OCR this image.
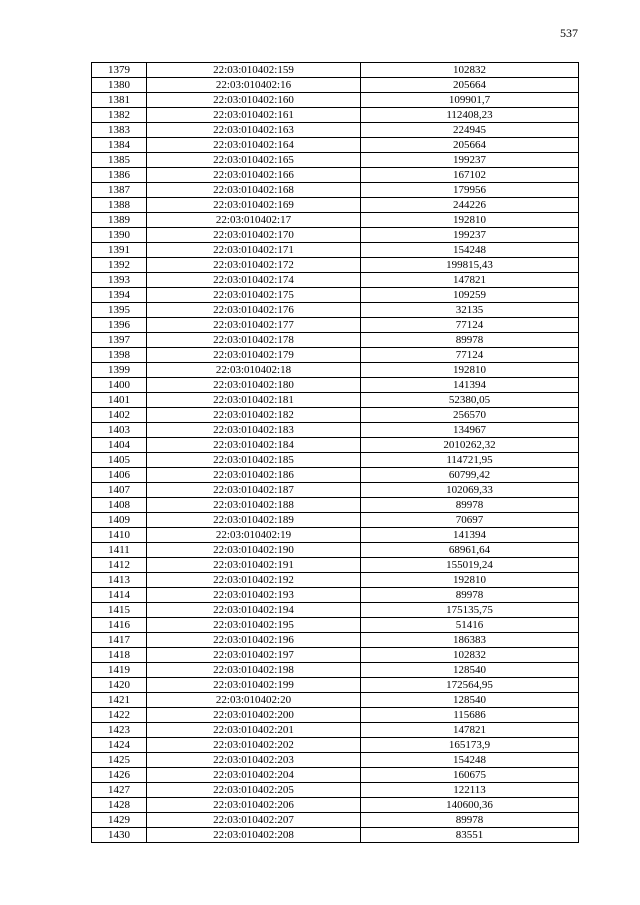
537
1379	22:03:010402:159	102832
1380	22:03:010402:16	205664
1381	22:03:010402:160	109901,7
1382	22:03:010402:161	112408,23
1383	22:03:010402:163	224945
1384	22:03:010402:164	205664
1385	22:03:010402:165	199237
1386	22:03:010402:166	167102
1387	22:03:010402:168	179956
1388	22:03:010402:169	244226
1389	22:03:010402:17	192810
1390	22:03:010402:170	199237
1391	22:03:010402:171	154248
1392	22:03:010402:172	199815,43
1393	22:03:010402:174	147821
1394	22:03:010402:175	109259
1395	22:03:010402:176	32135
1396	22:03:010402:177	77124
1397	22:03:010402:178	89978
1398	22:03:010402:179	77124
1399	22:03:010402:18	192810
1400	22:03:010402:180	141394
1401	22:03:010402:181	52380,05
1402	22:03:010402:182	256570
1403	22:03:010402:183	134967
1404	22:03:010402:184	2010262,32
1405	22:03:010402:185	114721,95
1406	22:03:010402:186	60799,42
1407	22:03:010402:187	102069,33
1408	22:03:010402:188	89978
1409	22:03:010402:189	70697
1410	22:03:010402:19	141394
1411	22:03:010402:190	68961,64
1412	22:03:010402:191	155019,24
1413	22:03:010402:192	192810
1414	22:03:010402:193	89978
1415	22:03:010402:194	175135,75
1416	22:03:010402:195	51416
1417	22:03:010402:196	186383
1418	22:03:010402:197	102832
1419	22:03:010402:198	128540
1420	22:03:010402:199	172564,95
1421	22:03:010402:20	128540
1422	22:03:010402:200	115686
1423	22:03:010402:201	147821
1424	22:03:010402:202	165173,9
1425	22:03:010402:203	154248
1426	22:03:010402:204	160675
1427	22:03:010402:205	122113
1428	22:03:010402:206	140600,36
1429	22:03:010402:207	89978
1430	22:03:010402:208	83551
